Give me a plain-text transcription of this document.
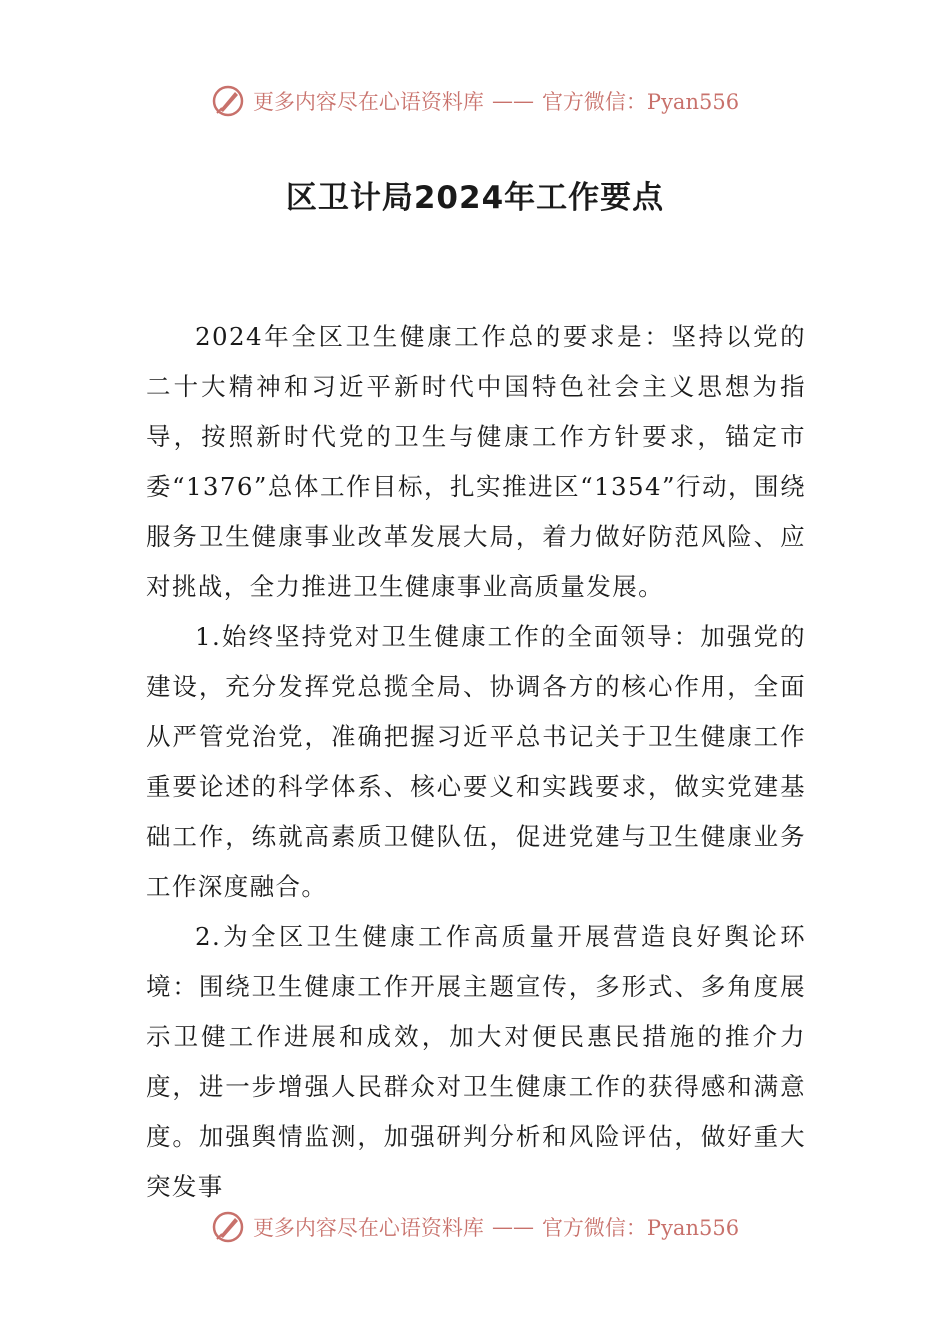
更多内容尽在心语资料库 —— 官方微信：Pyan556
区卫计局2024年工作要点

2024年全区卫生健康工作总的要求是：坚持以党的二十大精神和习近平新时代中国特色社会主义思想为指导，按照新时代党的卫生与健康工作方针要求，锚定市委“1376”总体工作目标，扎实推进区“1354”行动，围绕服务卫生健康事业改革发展大局，着力做好防范风险、应对挑战，全力推进卫生健康事业高质量发展。

1.始终坚持党对卫生健康工作的全面领导：加强党的建设，充分发挥党总揽全局、协调各方的核心作用，全面从严管党治党，准确把握习近平总书记关于卫生健康工作重要论述的科学体系、核心要义和实践要求，做实党建基础工作，练就高素质卫健队伍，促进党建与卫生健康业务工作深度融合。

2.为全区卫生健康工作高质量开展营造良好舆论环境：围绕卫生健康工作开展主题宣传，多形式、多角度展示卫健工作进展和成效，加大对便民惠民措施的推介力度，进一步增强人民群众对卫生健康工作的获得感和满意度。加强舆情监测，加强研判分析和风险评估，做好重大突发事

更多内容尽在心语资料库 —— 官方微信：Pyan556
